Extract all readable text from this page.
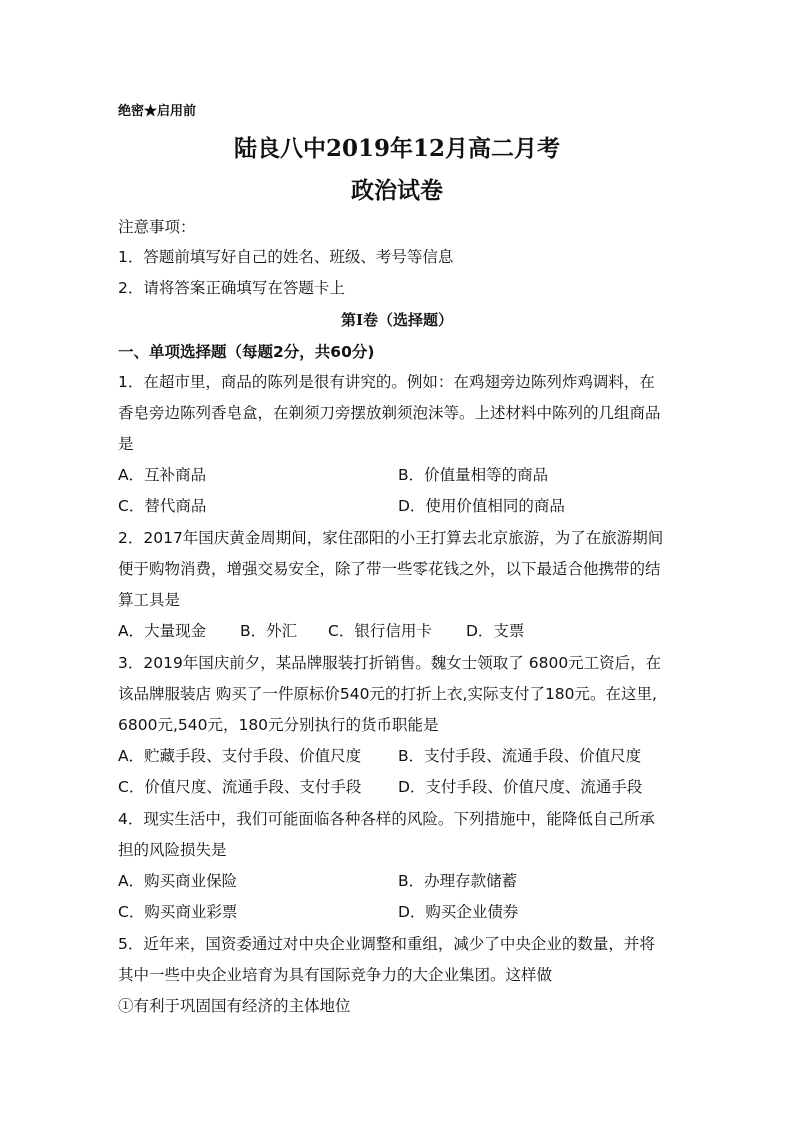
绝密★启用前
陆良八中2019年12月高二月考
政治试卷
注意事项：
1．答题前填写好自己的姓名、班级、考号等信息
2．请将答案正确填写在答题卡上
第I卷（选择题）
一、单项选择题（每题2分，共60分)
1．在超市里，商品的陈列是很有讲究的。例如：在鸡翅旁边陈列炸鸡调料，在
香皂旁边陈列香皂盒，在剃须刀旁摆放剃须泡沫等。上述材料中陈列的几组商品
是
A．互补商品	B．价值量相等的商品
C．替代商品	D．使用价值相同的商品
2．2017年国庆黄金周期间，家住邵阳的小王打算去北京旅游，为了在旅游期间
便于购物消费，增强交易安全，除了带一些零花钱之外，以下最适合他携带的结
算工具是
A．大量现金 B．外汇 C．银行信用卡 D．支票
3．2019年国庆前夕，某品牌服装打折销售。魏女士领取了 6800元工资后，在
该品牌服装店 购买了一件原标价540元的打折上衣,实际支付了180元。在这里,
6800元,540元，180元分别执行的货币职能是
A．贮藏手段、支付手段、价值尺度 B．支付手段、流通手段、价值尺度
C．价值尺度、流通手段、支付手段 D．支付手段、价值尺度、流通手段
4．现实生活中，我们可能面临各种各样的风险。下列措施中，能降低自己所承
担的风险损失是
A．购买商业保险	B．办理存款储蓄
C．购买商业彩票	D．购买企业债券
5．近年来，国资委通过对中央企业调整和重组，减少了中央企业的数量，并将
其中一些中央企业培育为具有国际竞争力的大企业集团。这样做
①有利于巩固国有经济的主体地位
